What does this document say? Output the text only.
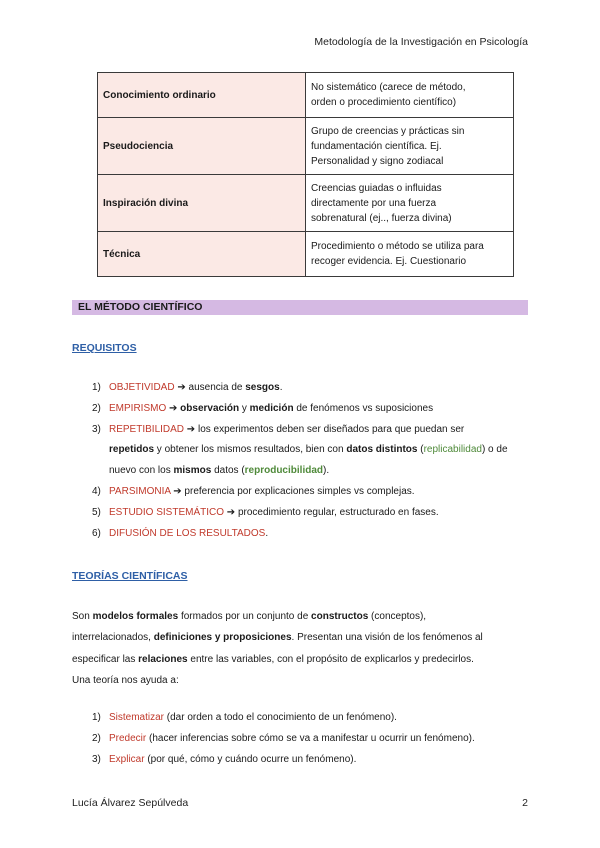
Metodología de la Investigación en Psicología
Conocimiento ordinario	No sistemático (carece de método,
orden o procedimiento científico)
Pseudociencia	Grupo de creencias y prácticas sin
fundamentación científica. Ej.
Personalidad y signo zodiacal
Inspiración divina	Creencias guiadas o influidas
directamente por una fuerza
sobrenatural (ej.., fuerza divina)
Técnica	Procedimiento o método se utiliza para
recoger evidencia. Ej. Cuestionario
EL MÉTODO CIENTÍFICO
REQUISITOS
1) OBJETIVIDAD ➔ ausencia de sesgos.
2) EMPIRISMO ➔ observación y medición de fenómenos vs suposiciones
3) REPETIBILIDAD ➔ los experimentos deben ser diseñados para que puedan ser
repetidos y obtener los mismos resultados, bien con datos distintos (replicabilidad) o de nuevo con los mismos datos (reproducibilidad).
4) PARSIMONIA ➔ preferencia por explicaciones simples vs complejas.
5) ESTUDIO SISTEMÁTICO ➔ procedimiento regular, estructurado en fases.
6) DIFUSIÓN DE LOS RESULTADOS.
TEORÍAS CIENTÍFICAS

Son modelos formales formados por un conjunto de constructos (conceptos),
interrelacionados, definiciones y proposiciones. Presentan una visión de los fenómenos al
especificar las relaciones entre las variables, con el propósito de explicarlos y predecirlos.
Una teoría nos ayuda a:

1) Sistematizar (dar orden a todo el conocimiento de un fenómeno).
2) Predecir (hacer inferencias sobre cómo se va a manifestar u ocurrir un fenómeno).
3) Explicar (por qué, cómo y cuándo ocurre un fenómeno).
Lucía Álvarez Sepúlveda	2
